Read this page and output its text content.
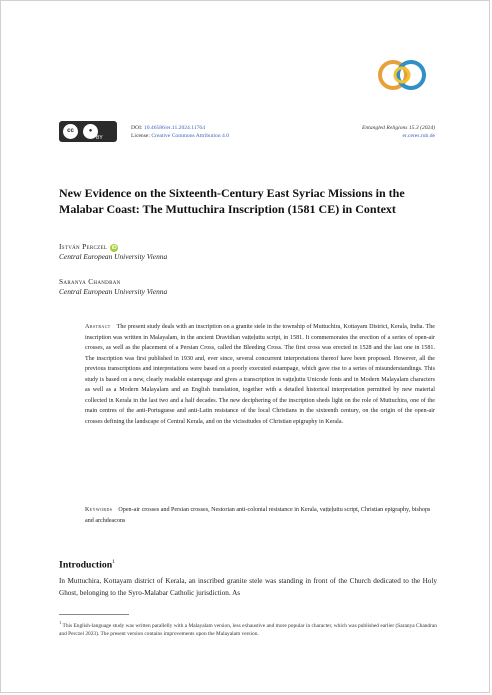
cc	●
BY
DOI: 10.46586/er.11.2024.11764
License: Creative Commons Attribution 4.0
Entangled Religions 15.3 (2024)
er.ceres.rub.de
New Evidence on the Sixteenth-Century East Syriac Missions in the Malabar Coast: The Muttuchira Inscription (1581 CE) in Context
István Perczel iD
Central European University Vienna
Saranya Chandran
Central European University Vienna

Abstract The present study deals with an inscription on a granite stele in the township of Muttuchira, Kottayam District, Kerala, India. The inscription was written in Malayalam, in the ancient Dravidian vaṭṭeḻuttu script, in 1581. It commemorates the erection of a series of open-air crosses, as well as the placement of a Persian Cross, called the Bleeding Cross. The first cross was erected in 1528 and the last one in 1581. The inscription was first published in 1930 and, ever since, several concurrent interpretations thereof have been proposed. However, all the previous transcriptions and interpretations were based on a poorly executed estampage, which gave rise to a series of misunderstandings. This study is based on a new, clearly readable estampage and gives a transcription in vaṭṭeḻuttu Unicode fonts and in Modern Malayalam characters as well as a Modern Malayalam and an English translation, together with a detailed historical interpretation permitted by new material collected in Kerala in the last two and a half decades. The new deciphering of the inscription sheds light on the role of Muttuchira, one of the main centres of the anti-Portuguese and anti-Latin resistance of the local Christians in the sixteenth century, on the origin of the open-air crosses defining the landscape of Central Kerala, and on the vicissitudes of Christian epigraphy in Kerala.

Keywords Open-air crosses and Persian crosses, Nestorian anti-colonial resistance in Kerala, vaṭṭeḻuttu script, Christian epigraphy, bishops and archdeacons

Introduction$^1$

In Muttuchira, Kottayam district of Kerala, an inscribed granite stele was standing in front of the Church dedicated to the Holy Ghost, belonging to the Syro-Malabar Catholic jurisdiction. As

$^1$ This English-language study was written parallelly with a Malayalam version, less exhaustive and more popular in character, which was published earlier (Saranya Chandran and Perczel 2023). The present version contains improvements upon the Malayalam version.
